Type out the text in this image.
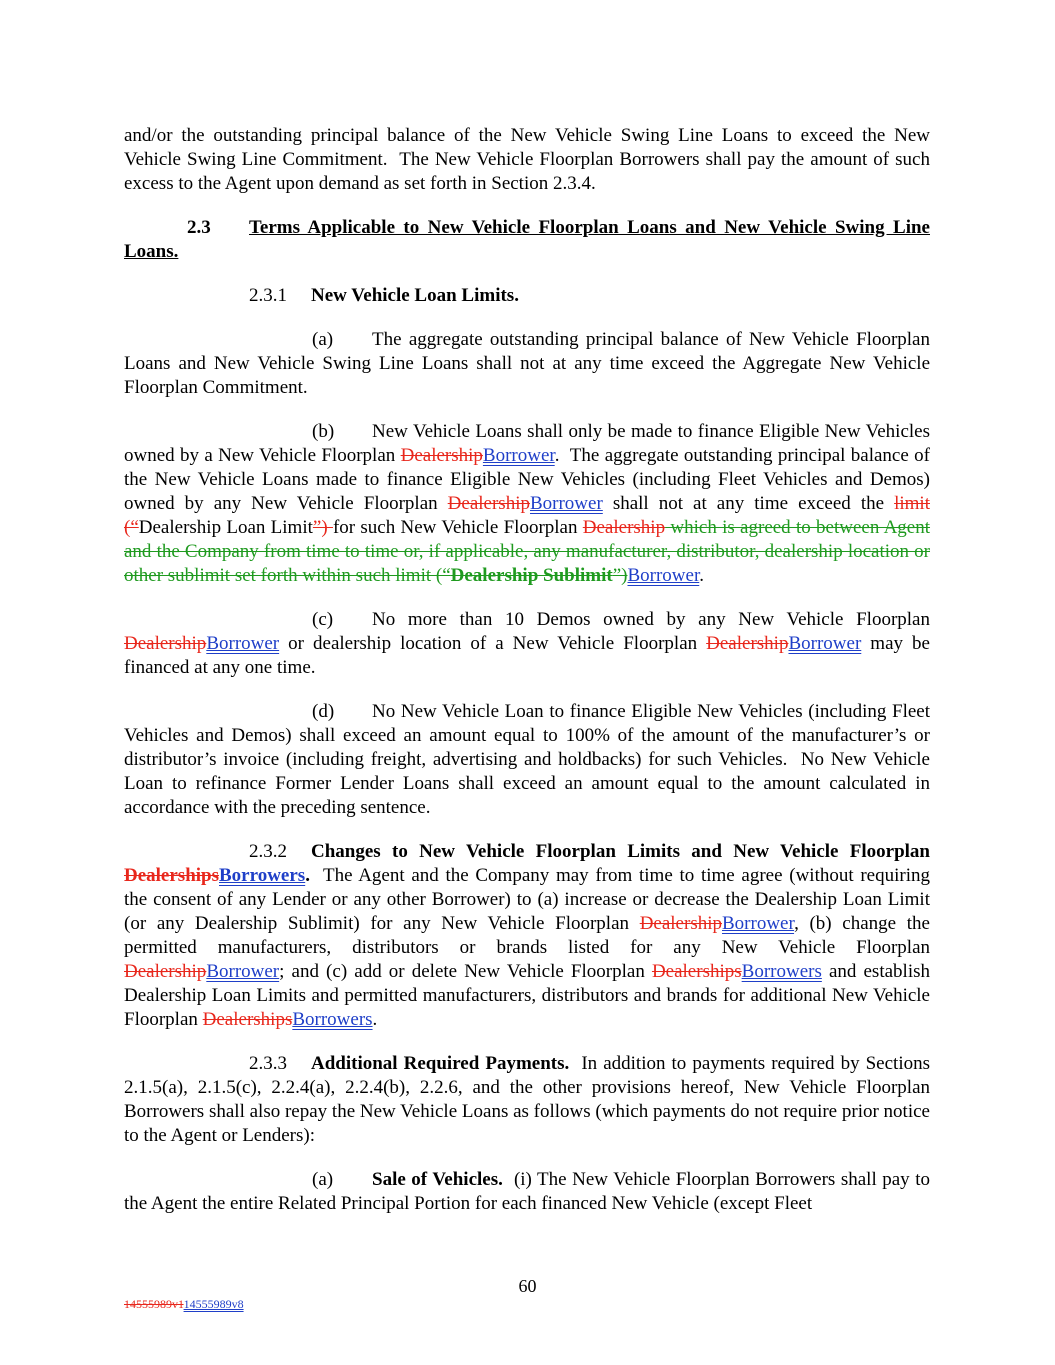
and/or the outstanding principal balance of the New Vehicle Swing Line Loans to exceed the New Vehicle Swing Line Commitment.  The New Vehicle Floorplan Borrowers shall pay the amount of such excess to the Agent upon demand as set forth in Section 2.3.4.

2.3 Terms Applicable to New Vehicle Floorplan Loans and New Vehicle Swing Line Loans.

2.3.1 New Vehicle Loan Limits.

(a) The aggregate outstanding principal balance of New Vehicle Floorplan Loans and New Vehicle Swing Line Loans shall not at any time exceed the Aggregate New Vehicle Floorplan Commitment.

(b) New Vehicle Loans shall only be made to finance Eligible New Vehicles owned by a New Vehicle Floorplan DealershipBorrower.  The aggregate outstanding principal balance of the New Vehicle Loans made to finance Eligible New Vehicles (including Fleet Vehicles and Demos) owned by any New Vehicle Floorplan DealershipBorrower shall not at any time exceed the limit (“Dealership Loan Limit”) for such New Vehicle Floorplan Dealership which is agreed to between Agent and the Company from time to time or, if applicable, any manufacturer, distributor, dealership location or other sublimit set forth within such limit (“Dealership Sublimit”)Borrower.

(c) No more than 10 Demos owned by any New Vehicle Floorplan DealershipBorrower or dealership location of a New Vehicle Floorplan DealershipBorrower may be financed at any one time.

(d) No New Vehicle Loan to finance Eligible New Vehicles (including Fleet Vehicles and Demos) shall exceed an amount equal to 100% of the amount of the manufacturer’s or distributor’s invoice (including freight, advertising and holdbacks) for such Vehicles.  No New Vehicle Loan to refinance Former Lender Loans shall exceed an amount equal to the amount calculated in accordance with the preceding sentence.

2.3.2 Changes to New Vehicle Floorplan Limits and New Vehicle Floorplan DealershipsBorrowers. The Agent and the Company may from time to time agree (without requiring the consent of any Lender or any other Borrower) to (a) increase or decrease the Dealership Loan Limit (or any Dealership Sublimit) for any New Vehicle Floorplan DealershipBorrower, (b) change the permitted manufacturers, distributors or brands listed for any New Vehicle Floorplan DealershipBorrower; and (c) add or delete New Vehicle Floorplan DealershipsBorrowers and establish Dealership Loan Limits and permitted manufacturers, distributors and brands for additional New Vehicle Floorplan DealershipsBorrowers.

2.3.3 Additional Required Payments. In addition to payments required by Sections 2.1.5(a), 2.1.5(c), 2.2.4(a), 2.2.4(b), 2.2.6, and the other provisions hereof, New Vehicle Floorplan Borrowers shall also repay the New Vehicle Loans as follows (which payments do not require prior notice to the Agent or Lenders):

(a) Sale of Vehicles. (i) The New Vehicle Floorplan Borrowers shall pay to the Agent the entire Related Principal Portion for each financed New Vehicle (except Fleet

60
14555989v114555989v8
